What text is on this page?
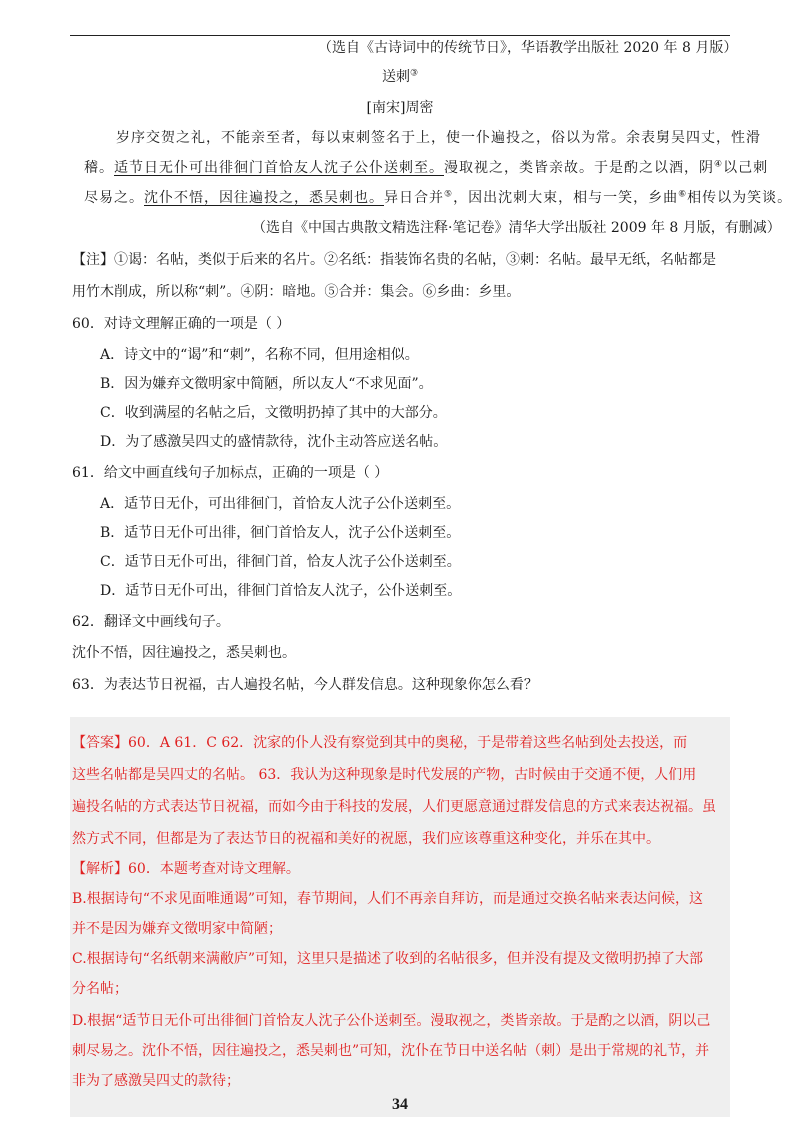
（选自《古诗词中的传统节日》，华语教学出版社 2020 年 8 月版）
送刺③
[南宋]周密
岁序交贺之礼，不能亲至者，每以束刺签名于上，使一仆遍投之，俗以为常。余表舅吴四丈，性滑
稽。适节日无仆可出徘徊门首恰友人沈子公仆送刺至。漫取视之，类皆亲故。于是酌之以酒，阴④以己刺
尽易之。沈仆不悟，因往遍投之，悉吴刺也。异日合并⑤，因出沈刺大束，相与一笑，乡曲⑥相传以为笑谈。
（选自《中国古典散文精选注释·笔记卷》清华大学出版社 2009 年 8 月版，有删减）
【注】①谒：名帖，类似于后来的名片。②名纸：指装饰名贵的名帖，③刺：名帖。最早无纸，名帖都是
用竹木削成，所以称“刺”。④阴：暗地。⑤合并：集会。⑥乡曲：乡里。
60．对诗文理解正确的一项是（ ）
A．诗文中的“谒”和“刺”，名称不同，但用途相似。
B．因为嫌弃文徵明家中简陋，所以友人“不求见面”。
C．收到满屋的名帖之后，文徵明扔掉了其中的大部分。
D．为了感激吴四丈的盛情款待，沈仆主动答应送名帖。
61．给文中画直线句子加标点，正确的一项是（ ）
A．适节日无仆，可出徘徊门，首恰友人沈子公仆送刺至。
B．适节日无仆可出徘，徊门首恰友人，沈子公仆送刺至。
C．适节日无仆可出，徘徊门首，恰友人沈子公仆送刺至。
D．适节日无仆可出，徘徊门首恰友人沈子，公仆送刺至。
62．翻译文中画线句子。
沈仆不悟，因往遍投之，悉吴刺也。
63．为表达节日祝福，古人遍投名帖，今人群发信息。这种现象你怎么看？
【答案】60．A 61．C 62．沈家的仆人没有察觉到其中的奥秘，于是带着这些名帖到处去投送，而
这些名帖都是吴四丈的名帖。 63．我认为这种现象是时代发展的产物，古时候由于交通不便，人们用
遍投名帖的方式表达节日祝福，而如今由于科技的发展，人们更愿意通过群发信息的方式来表达祝福。虽
然方式不同，但都是为了表达节日的祝福和美好的祝愿，我们应该尊重这种变化，并乐在其中。
【解析】60．本题考查对诗文理解。
B.根据诗句“不求见面唯通谒”可知，春节期间，人们不再亲自拜访，而是通过交换名帖来表达问候，这
并不是因为嫌弃文徵明家中简陋；
C.根据诗句“名纸朝来满敝庐”可知，这里只是描述了收到的名帖很多，但并没有提及文徵明扔掉了大部
分名帖；
D.根据“适节日无仆可出徘徊门首恰友人沈子公仆送刺至。漫取视之，类皆亲故。于是酌之以酒，阴以己
刺尽易之。沈仆不悟，因往遍投之，悉吴刺也”可知，沈仆在节日中送名帖（刺）是出于常规的礼节，并
非为了感激吴四丈的款待；
34
